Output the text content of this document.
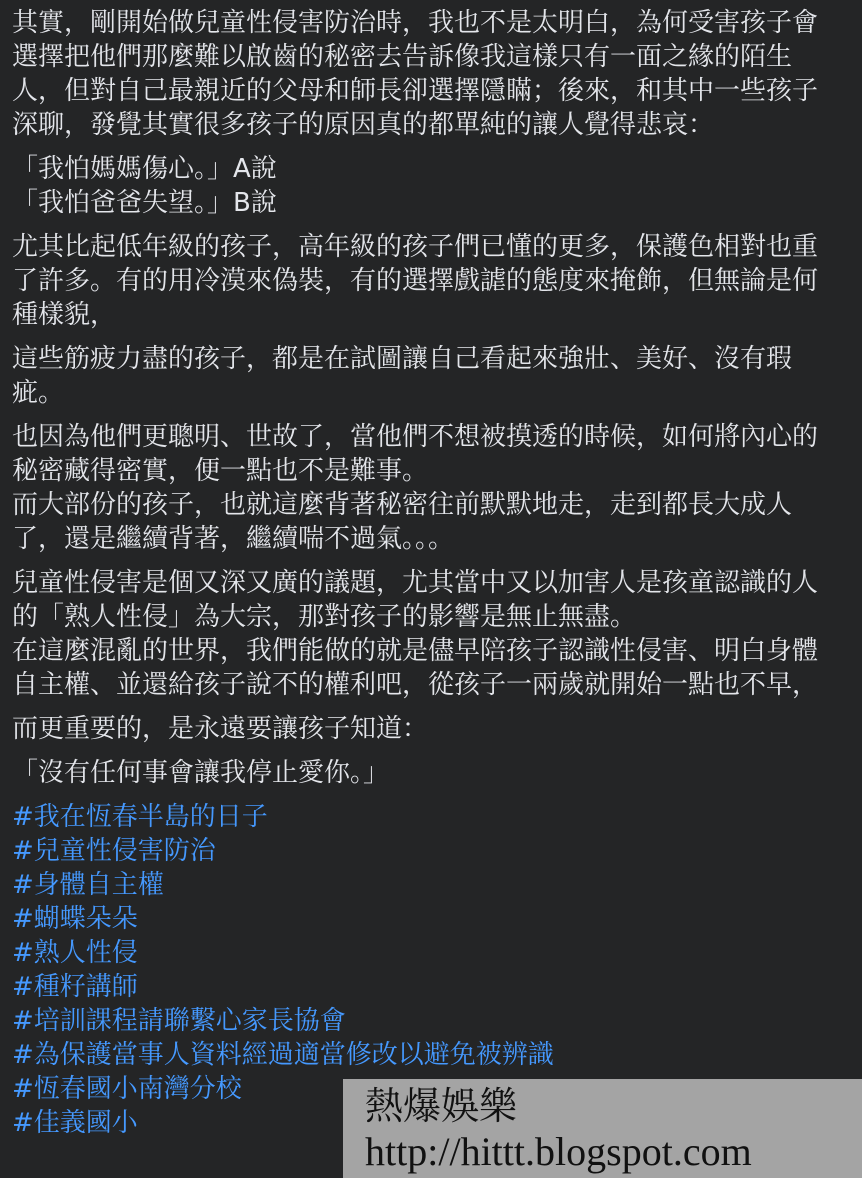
其實，剛開始做兒童性侵害防治時，我也不是太明白，為何受害孩子會
選擇把他們那麼難以啟齒的秘密去告訴像我這樣只有一面之緣的陌生
人，但對自己最親近的父母和師長卻選擇隱瞞；後來，和其中一些孩子
深聊，發覺其實很多孩子的原因真的都單純的讓人覺得悲哀：
「我怕媽媽傷心。」A說
「我怕爸爸失望。」B說
尤其比起低年級的孩子，高年級的孩子們已懂的更多，保護色相對也重
了許多。有的用冷漠來偽裝，有的選擇戲謔的態度來掩飾，但無論是何
種樣貌，
這些筋疲力盡的孩子，都是在試圖讓自己看起來強壯、美好、沒有瑕
疵。
也因為他們更聰明、世故了，當他們不想被摸透的時候，如何將內心的
秘密藏得密實，便一點也不是難事。
而大部份的孩子，也就這麼背著秘密往前默默地走，走到都長大成人
了，還是繼續背著，繼續喘不過氣。。。
兒童性侵害是個又深又廣的議題，尤其當中又以加害人是孩童認識的人
的「熟人性侵」為大宗，那對孩子的影響是無止無盡。
在這麼混亂的世界，我們能做的就是儘早陪孩子認識性侵害、明白身體
自主權、並還給孩子說不的權利吧，從孩子一兩歲就開始一點也不早，
而更重要的，是永遠要讓孩子知道：
「沒有任何事會讓我停止愛你。」
#我在恆春半島的日子
#兒童性侵害防治
#身體自主權
#蝴蝶朵朵
#熟人性侵
#種籽講師
#培訓課程請聯繫心家長協會
#為保護當事人資料經過適當修改以避免被辨識
#恆春國小南灣分校
#佳義國小	熱爆娛樂
http://hittt.blogspot.com
